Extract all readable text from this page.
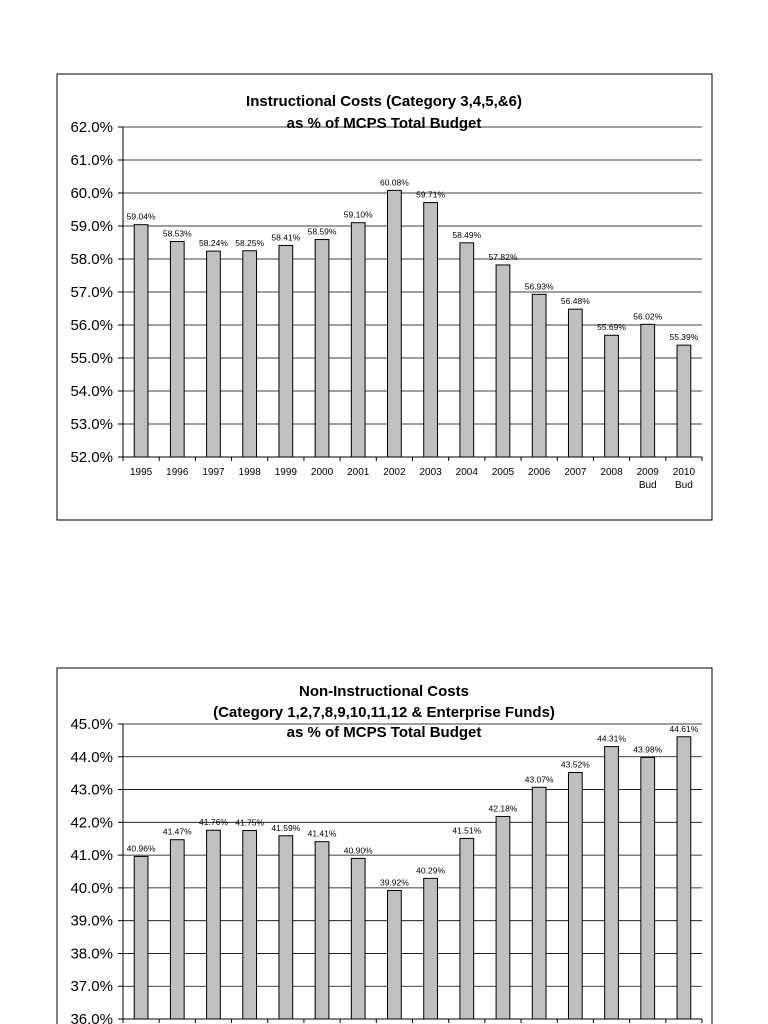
Instructional Costs (Category 3,4,5,&6)
as % of MCPS Total Budget
59.04%
58.53%
58.24% 58.25%
58.41%
58.59%
59.10%
60.08%
59.71%
58.49%
57.82%
56.93%
56.48%
55.69%
56.02%
55.39%
52.0%
53.0%
54.0%
55.0%
56.0%
57.0%
58.0%
59.0%
60.0%
61.0%
62.0%
1995 1996 1997 1998 1999 2000 2001 2002 2003 2004 2005 2006 2007 2008 2009
Bud
2010
Bud
Non-Instructional Costs
(Category 1,2,7,8,9,10,11,12 & Enterprise Funds)
as % of MCPS Total Budget
40.96%
41.47%
41.76% 41.75%
41.59%
41.41%
40.90%
39.92%
40.29%
41.51%
42.18%
43.07%
43.52%
44.31%
43.98%
44.61%
36.0%
37.0%
38.0%
39.0%
40.0%
41.0%
42.0%
43.0%
44.0%
45.0%
